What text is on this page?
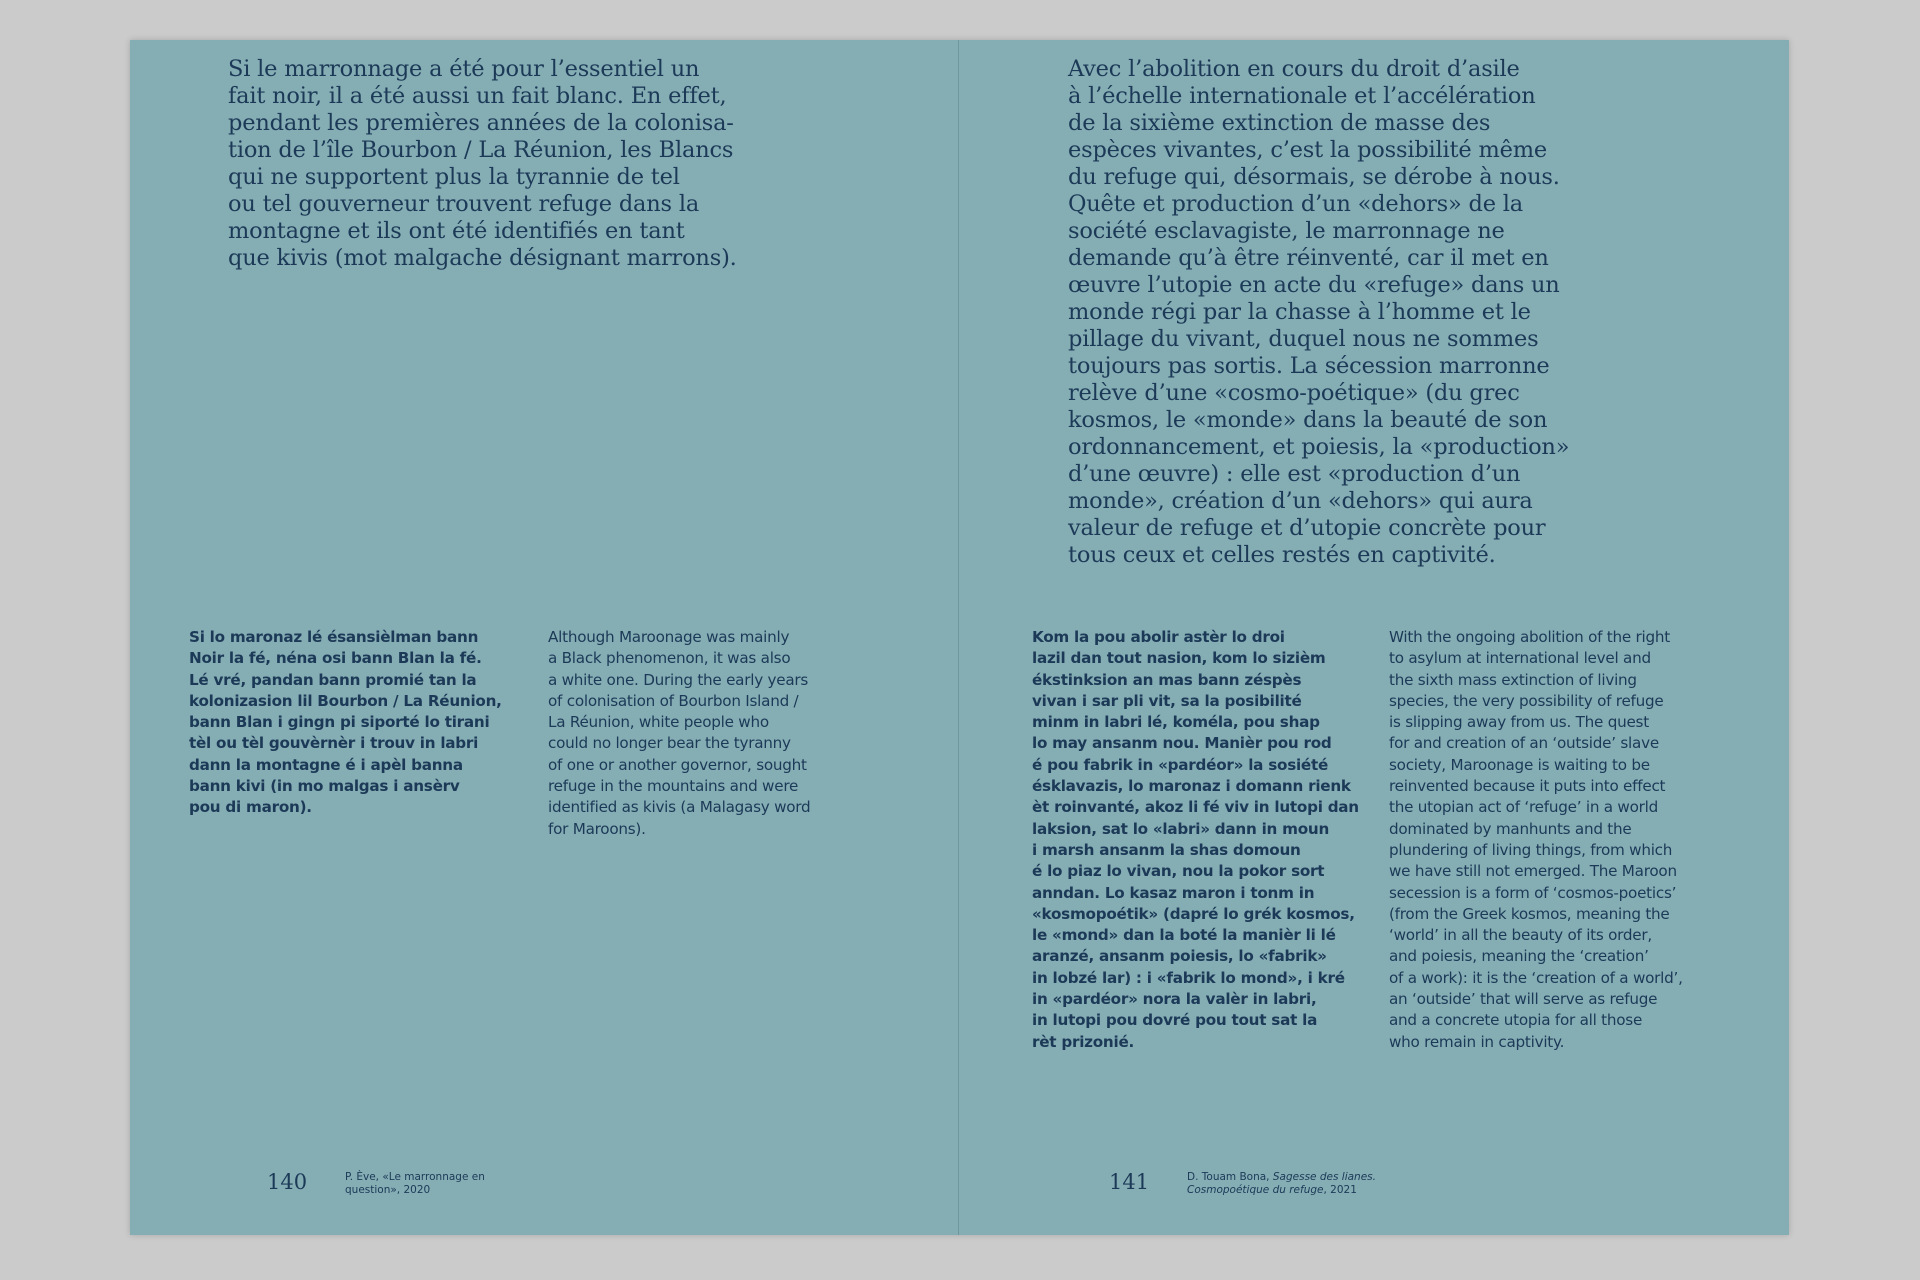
Si le marronnage a été pour l’essentiel un
fait noir, il a été aussi un fait blanc. En effet,
pendant les premières années de la colonisa-
tion de l’île Bourbon / La Réunion, les Blancs
qui ne supportent plus la tyrannie de tel
ou tel gouverneur trouvent refuge dans la
montagne et ils ont été identifiés en tant
que kivis (mot malgache désignant marrons).

Si lo maronaz lé ésansièlman bann
Noir la fé, néna osi bann Blan la fé.
Lé vré, pandan bann promié tan la
kolonizasion lil Bourbon / La Réunion,
bann Blan i gingn pi siporté lo tirani
tèl ou tèl gouvèrnèr i trouv in labri
dann la montagne é i apèl banna
bann kivi (in mo malgas i ansèrv
pou di maron).

Although Maroonage was mainly
a Black phenomenon, it was also
a white one. During the early years
of colonisation of Bourbon Island /
La Réunion, white people who
could no longer bear the tyranny
of one or another governor, sought
refuge in the mountains and were
identified as kivis (a Malagasy word
for Maroons).

140	P. Ève, «Le marronnage en
question», 2020

Avec l’abolition en cours du droit d’asile
à l’échelle internationale et l’accélération
de la sixième extinction de masse des
espèces vivantes, c’est la possibilité même
du refuge qui, désormais, se dérobe à nous.
Quête et production d’un «dehors» de la
société esclavagiste, le marronnage ne
demande qu’à être réinventé, car il met en
œuvre l’utopie en acte du «refuge» dans un
monde régi par la chasse à l’homme et le
pillage du vivant, duquel nous ne sommes
toujours pas sortis. La sécession marronne
relève d’une «cosmo-poétique» (du grec
kosmos, le «monde» dans la beauté de son
ordonnancement, et poiesis, la «production»
d’une œuvre) : elle est «production d’un
monde», création d’un «dehors» qui aura
valeur de refuge et d’utopie concrète pour
tous ceux et celles restés en captivité.

Kom la pou abolir astèr lo droi
lazil dan tout nasion, kom lo sizièm
ékstinksion an mas bann zéspès
vivan i sar pli vit, sa la posibilité
minm in labri lé, koméla, pou shap
lo may ansanm nou. Manièr pou rod
é pou fabrik in «pardéor» la sosiété
ésklavazis, lo maronaz i domann rienk
èt roinvanté, akoz li fé viv in lutopi dan
laksion, sat lo «labri» dann in moun
i marsh ansanm la shas domoun
é lo piaz lo vivan, nou la pokor sort
anndan. Lo kasaz maron i tonm in
«kosmopoétik» (dapré lo grék kosmos,
le «mond» dan la boté la manièr li lé
aranzé, ansanm poiesis, lo «fabrik»
in lobzé lar) : i «fabrik lo mond», i kré
in «pardéor» nora la valèr in labri,
in lutopi pou dovré pou tout sat la
rèt prizonié.

With the ongoing abolition of the right
to asylum at international level and
the sixth mass extinction of living
species, the very possibility of refuge
is slipping away from us. The quest
for and creation of an ‘outside’ slave
society, Maroonage is waiting to be
reinvented because it puts into effect
the utopian act of ‘refuge’ in a world
dominated by manhunts and the
plundering of living things, from which
we have still not emerged. The Maroon
secession is a form of ‘cosmos-poetics’
(from the Greek kosmos, meaning the
‘world’ in all the beauty of its order,
and poiesis, meaning the ‘creation’
of a work): it is the ‘creation of a world’,
an ‘outside’ that will serve as refuge
and a concrete utopia for all those
who remain in captivity.

141	D. Touam Bona, Sagesse des lianes.
Cosmopoétique du refuge, 2021
